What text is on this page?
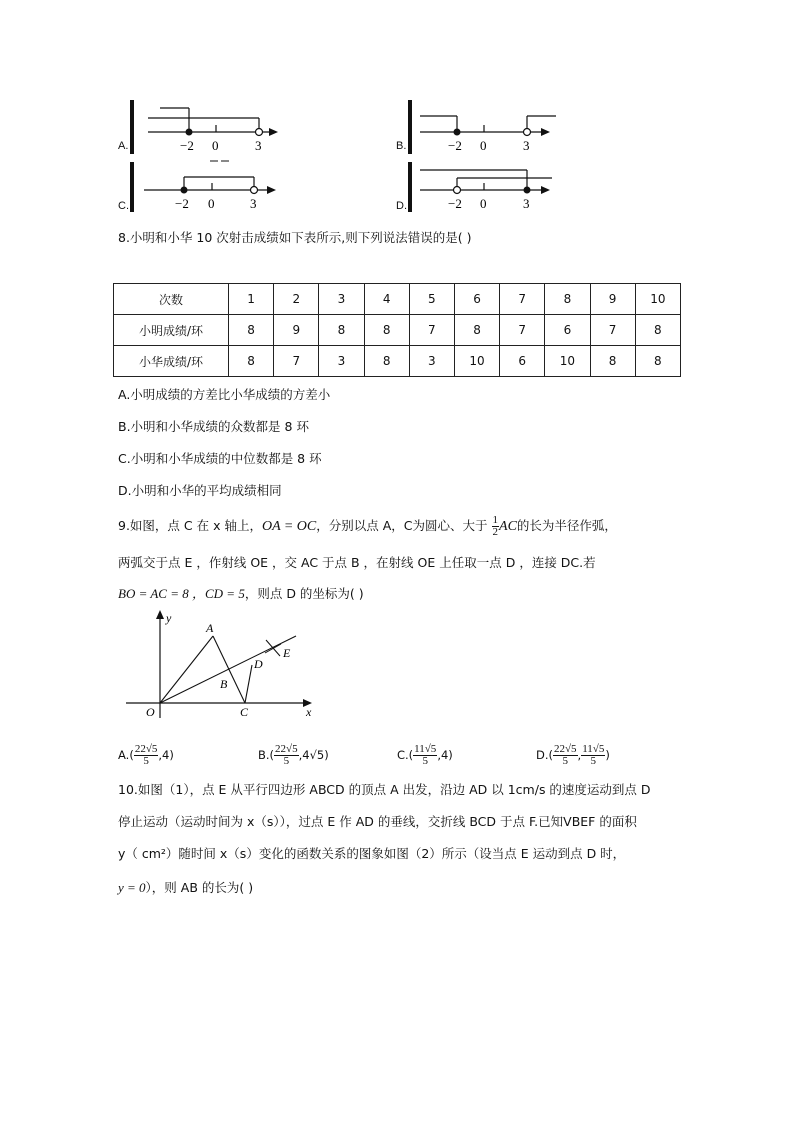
A.	−2 0	3	B.	−2 0	3
C.	−2 0	3	D.	−2 0	3
8.小明和小华 10 次射击成绩如下表所示,则下列说法错误的是( )
次数	1	2	3	4	5	6	7	8	9	10
小明成绩/环	8	9	8	8	7	8	7	6	7	8
小华成绩/环	8	7	3	8	3	10	6	10	8	8
A.小明成绩的方差比小华成绩的方差小
B.小明和小华成绩的众数都是 8 环
C.小明和小华成绩的中位数都是 8 环
D.小明和小华的平均成绩相同
9.如图，点 C 在 x 轴上，OA = OC，分别以点 A，C为圆心、大于 $\frac{1}{2}$ AC的长为半径作弧，
两弧交于点 E ，作射线 OE ，交 AC 于点 B ，在射线 OE 上任取一点 D ，连接 DC.若
BO = AC = 8 ，CD = 5，则点 D 的坐标为( )
y
x
O
A
B
C
D
E
$A.( \frac{22√5}{5} ,4)$	$B.( \frac{22√5}{5} ,4√5)$	$C.( \frac{11√5}{5} ,4)$	$D.( \frac{22√5}{5}$ , $\frac{11√5}{5}$ )
10.如图（1），点 E 从平行四边形 ABCD 的顶点 A 出发，沿边 AD 以 1cm/s 的速度运动到点 D
停止运动（运动时间为 x（s）），过点 E 作 AD 的垂线，交折线 BCD 于点 F.已知VBEF 的面积
y（ cm²）随时间 x（s）变化的函数关系的图象如图（2）所示（设当点 E 运动到点 D 时，
y = 0），则 AB 的长为( )
